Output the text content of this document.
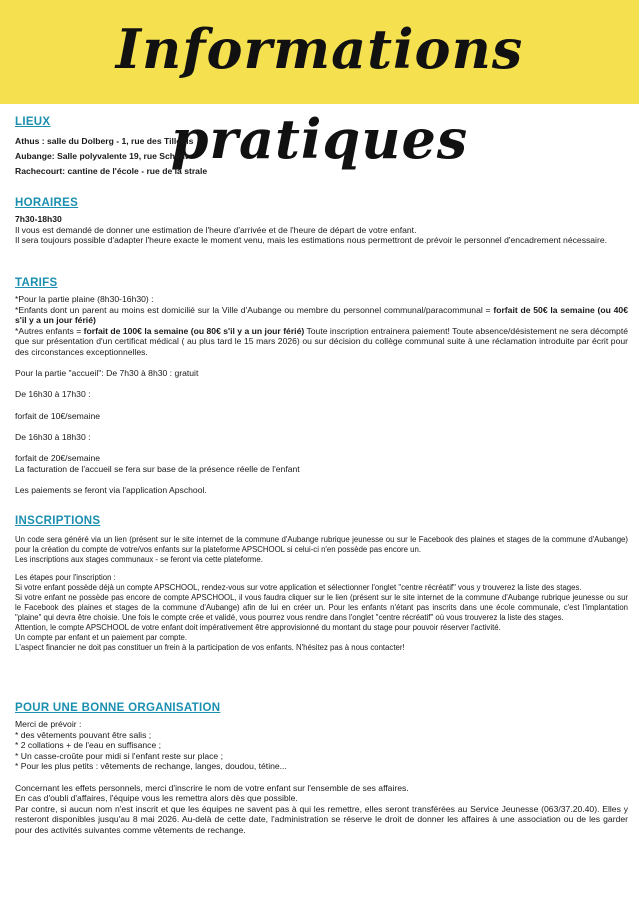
Informations pratiques
LIEUX
Athus : salle du Dolberg - 1, rue des Tilleuls
Aubange: Salle polyvalente 19, rue Schmit
Rachecourt: cantine de l'école - rue de la strale
HORAIRES
7h30-18h30
Il vous est demandé de donner une estimation de l'heure d'arrivée et de l'heure de départ de votre enfant.
Il sera toujours possible d'adapter l'heure exacte le moment venu, mais les estimations nous permettront de prévoir le personnel d'encadrement nécessaire.
TARIFS
*Pour la partie plaine (8h30-16h30) :
*Enfants dont un parent au moins est domicilié sur la Ville d'Aubange ou membre du personnel communal/paracommunal = forfait de 50€ la semaine (ou 40€ s'il y a un jour férié)
*Autres enfants = forfait de 100€ la semaine (ou 80€ s'il y a un jour férié) Toute inscription entrainera paiement! Toute absence/désistement ne sera décompté que sur présentation d'un certificat médical ( au plus tard le 15 mars 2026) ou sur décision du collège communal suite à une réclamation introduite par écrit pour des circonstances exceptionnelles.
Pour la partie "accueil": De 7h30 à 8h30 : gratuit
De 16h30 à 17h30 :
forfait de 10€/semaine
De 16h30 à 18h30 :
forfait de 20€/semaine
La facturation de l'accueil se fera sur base de la présence réelle de l'enfant
Les paiements se feront via l'application Apschool.
INSCRIPTIONS
Un code sera généré via un lien (présent sur le site internet de la commune d'Aubange rubrique jeunesse ou sur le Facebook des plaines et stages de la commune d'Aubange) pour la création du compte de votre/vos enfants sur la plateforme APSCHOOL si celui-ci n'en possède pas encore un.
Les inscriptions aux stages communaux - se feront via cette plateforme.
Les étapes pour l'inscription :
Si votre enfant possède déjà un compte APSCHOOL, rendez-vous sur votre application et sélectionner l'onglet "centre récréatif" vous y trouverez la liste des stages.
Si votre enfant ne possède pas encore de compte APSCHOOL, il vous faudra cliquer sur le lien (présent sur le site internet de la commune d'Aubange rubrique jeunesse ou sur le Facebook des plaines et stages de la commune d'Aubange) afin de lui en créer un. Pour les enfants n'étant pas inscrits dans une école communale, c'est l'implantation "plaine" qui devra être choisie. Une fois le compte crée et validé, vous pourrez vous rendre dans l'onglet "centre récréatif" où vous trouverez la liste des stages.
Attention, le compte APSCHOOL de votre enfant doit impérativement être approvisionné du montant du stage pour pouvoir réserver l'activité.
Un compte par enfant et un paiement par compte.
L'aspect financier ne doit pas constituer un frein à la participation de vos enfants. N'hésitez pas à nous contacter!
POUR UNE BONNE ORGANISATION
Merci de prévoir :
* des vêtements pouvant être salis ;
* 2 collations + de l'eau en suffisance ;
* Un casse-croûte pour midi si l'enfant reste sur place ;
* Pour les plus petits : vêtements de rechange, langes, doudou, tétine...
Concernant les effets personnels, merci d'inscrire le nom de votre enfant sur l'ensemble de ses affaires.
En cas d'oubli d'affaires, l'équipe vous les remettra alors dès que possible.
Par contre, si aucun nom n'est inscrit et que les équipes ne savent pas à qui les remettre, elles seront transférées au Service Jeunesse (063/37.20.40). Elles y resteront disponibles jusqu'au 8 mai 2026. Au-delà de cette date, l'administration se réserve le droit de donner les affaires à une association ou de les garder pour des activités suivantes comme vêtements de rechange.
